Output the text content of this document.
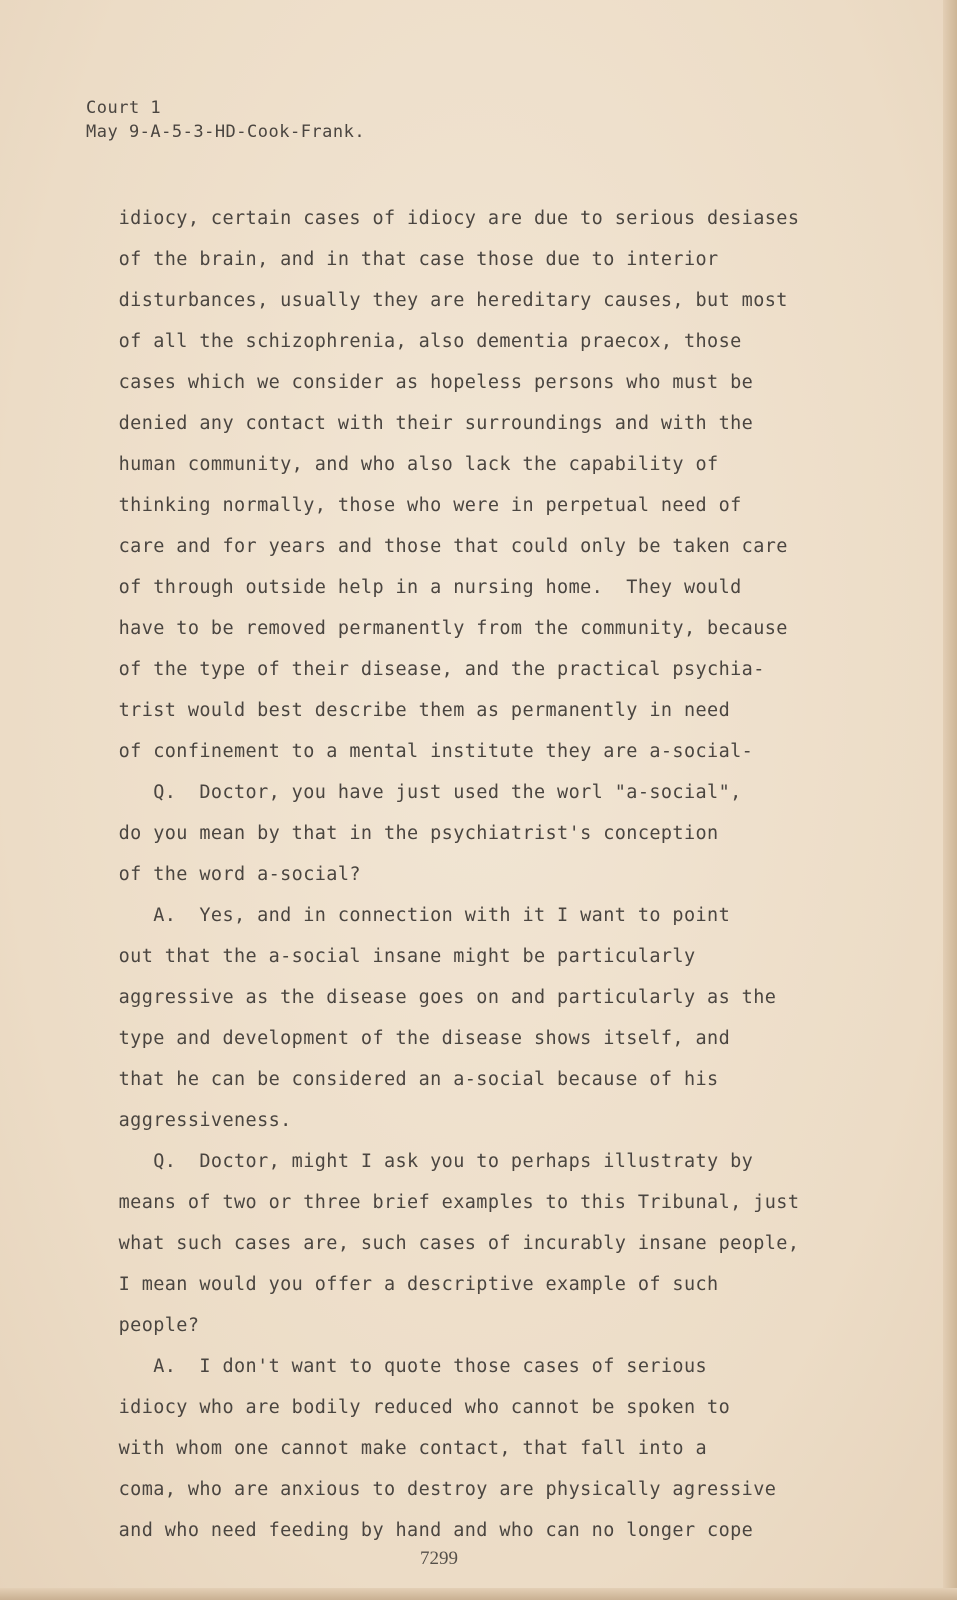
Court 1
May 9-A-5-3-HD-Cook-Frank.
idiocy, certain cases of idiocy are due to serious desiases
of the brain, and in that case those due to interior
disturbances, usually they are hereditary causes, but most
of all the schizophrenia, also dementia praecox, those
cases which we consider as hopeless persons who must be
denied any contact with their surroundings and with the
human community, and who also lack the capability of
thinking normally, those who were in perpetual need of
care and for years and those that could only be taken care
of through outside help in a nursing home.  They would
have to be removed permanently from the community, because
of the type of their disease, and the practical psychia-
trist would best describe them as permanently in need
of confinement to a mental institute they are a-social-
Q.  Doctor, you have just used the worl "a-social",
do you mean by that in the psychiatrist's conception
of the word a-social?
A.  Yes, and in connection with it I want to point
out that the a-social insane might be particularly
aggressive as the disease goes on and particularly as the
type and development of the disease shows itself, and
that he can be considered an a-social because of his
aggressiveness.
Q.  Doctor, might I ask you to perhaps illustraty by
means of two or three brief examples to this Tribunal, just
what such cases are, such cases of incurably insane people,
I mean would you offer a descriptive example of such
people?
A.  I don't want to quote those cases of serious
idiocy who are bodily reduced who cannot be spoken to
with whom one cannot make contact, that fall into a
coma, who are anxious to destroy are physically agressive
and who need feeding by hand and who can no longer cope
7299
